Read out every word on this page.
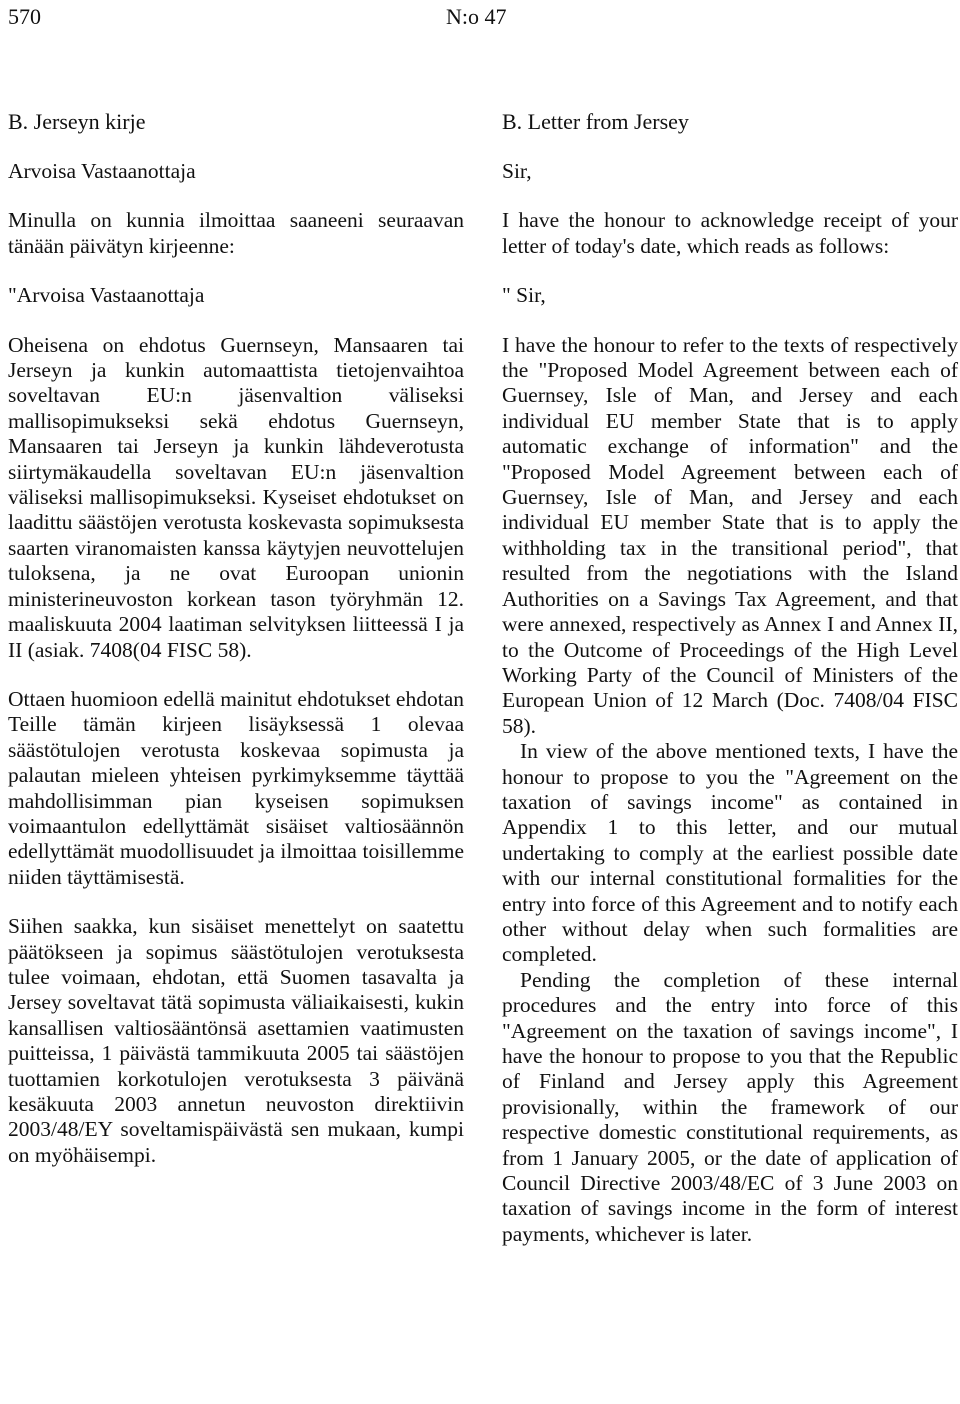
570	N:o 47
B. Jerseyn kirje

Arvoisa Vastaanottaja

Minulla on kunnia ilmoittaa saaneeni seuraavan tänään päivätyn kirjeenne:

"Arvoisa Vastaanottaja

Oheisena on ehdotus Guernseyn, Mansaaren tai Jerseyn ja kunkin automaattista tietojenvaihtoa soveltavan EU:n jäsenvaltion väliseksi mallisopimukseksi sekä ehdotus Guernseyn, Mansaaren tai Jerseyn ja kunkin lähdeverotusta siirtymäkaudella soveltavan EU:n jäsenvaltion väliseksi mallisopimukseksi. Kyseiset ehdotukset on laadittu säästöjen verotusta koskevasta sopimuksesta saarten viranomaisten kanssa käytyjen neuvottelujen tuloksena, ja ne ovat Euroopan unionin ministerineuvoston korkean tason työryhmän 12. maaliskuuta 2004 laatiman selvityksen liitteessä I ja II (asiak. 7408(04 FISC 58).

Ottaen huomioon edellä mainitut ehdotukset ehdotan Teille tämän kirjeen lisäyksessä 1 olevaa säästötulojen verotusta koskevaa sopimusta ja palautan mieleen yhteisen pyrkimyksemme täyttää mahdollisimman pian kyseisen sopimuksen voimaantulon edellyttämät sisäiset valtiosäännön edellyttämät muodollisuudet ja ilmoittaa toisillemme niiden täyttämisestä.

Siihen saakka, kun sisäiset menettelyt on saatettu päätökseen ja sopimus säästötulojen verotuksesta tulee voimaan, ehdotan, että Suomen tasavalta ja Jersey soveltavat tätä sopimusta väliaikaisesti, kukin kansallisen valtiosääntönsä asettamien vaatimusten puitteissa, 1 päivästä tammikuuta 2005 tai säästöjen tuottamien korkotulojen verotuksesta 3 päivänä kesäkuuta 2003 annetun neuvoston direktiivin 2003/48/EY soveltamispäivästä sen mukaan, kumpi on myöhäisempi.

B. Letter from Jersey

Sir,

I have the honour to acknowledge receipt of your letter of today's date, which reads as follows:

" Sir,

I have the honour to refer to the texts of respectively the "Proposed Model Agreement between each of Guernsey, Isle of Man, and Jersey and each individual EU member State that is to apply automatic exchange of information" and the "Proposed Model Agreement between each of Guernsey, Isle of Man, and Jersey and each individual EU member State that is to apply the withholding tax in the transitional period", that resulted from the negotiations with the Island Authorities on a Savings Tax Agreement, and that were annexed, respectively as Annex I and Annex II, to the Outcome of Proceedings of the High Level Working Party of the Council of Ministers of the European Union of 12 March (Doc. 7408/04 FISC 58).

In view of the above mentioned texts, I have the honour to propose to you the "Agreement on the taxation of savings income" as contained in Appendix 1 to this letter, and our mutual undertaking to comply at the earliest possible date with our internal constitutional formalities for the entry into force of this Agreement and to notify each other without delay when such formalities are completed.

Pending the completion of these internal procedures and the entry into force of this "Agreement on the taxation of savings income", I have the honour to propose to you that the Republic of Finland and Jersey apply this Agreement provisionally, within the framework of our respective domestic constitutional requirements, as from 1 January 2005, or the date of application of Council Directive 2003/48/EC of 3 June 2003 on taxation of savings income in the form of interest payments, whichever is later.
